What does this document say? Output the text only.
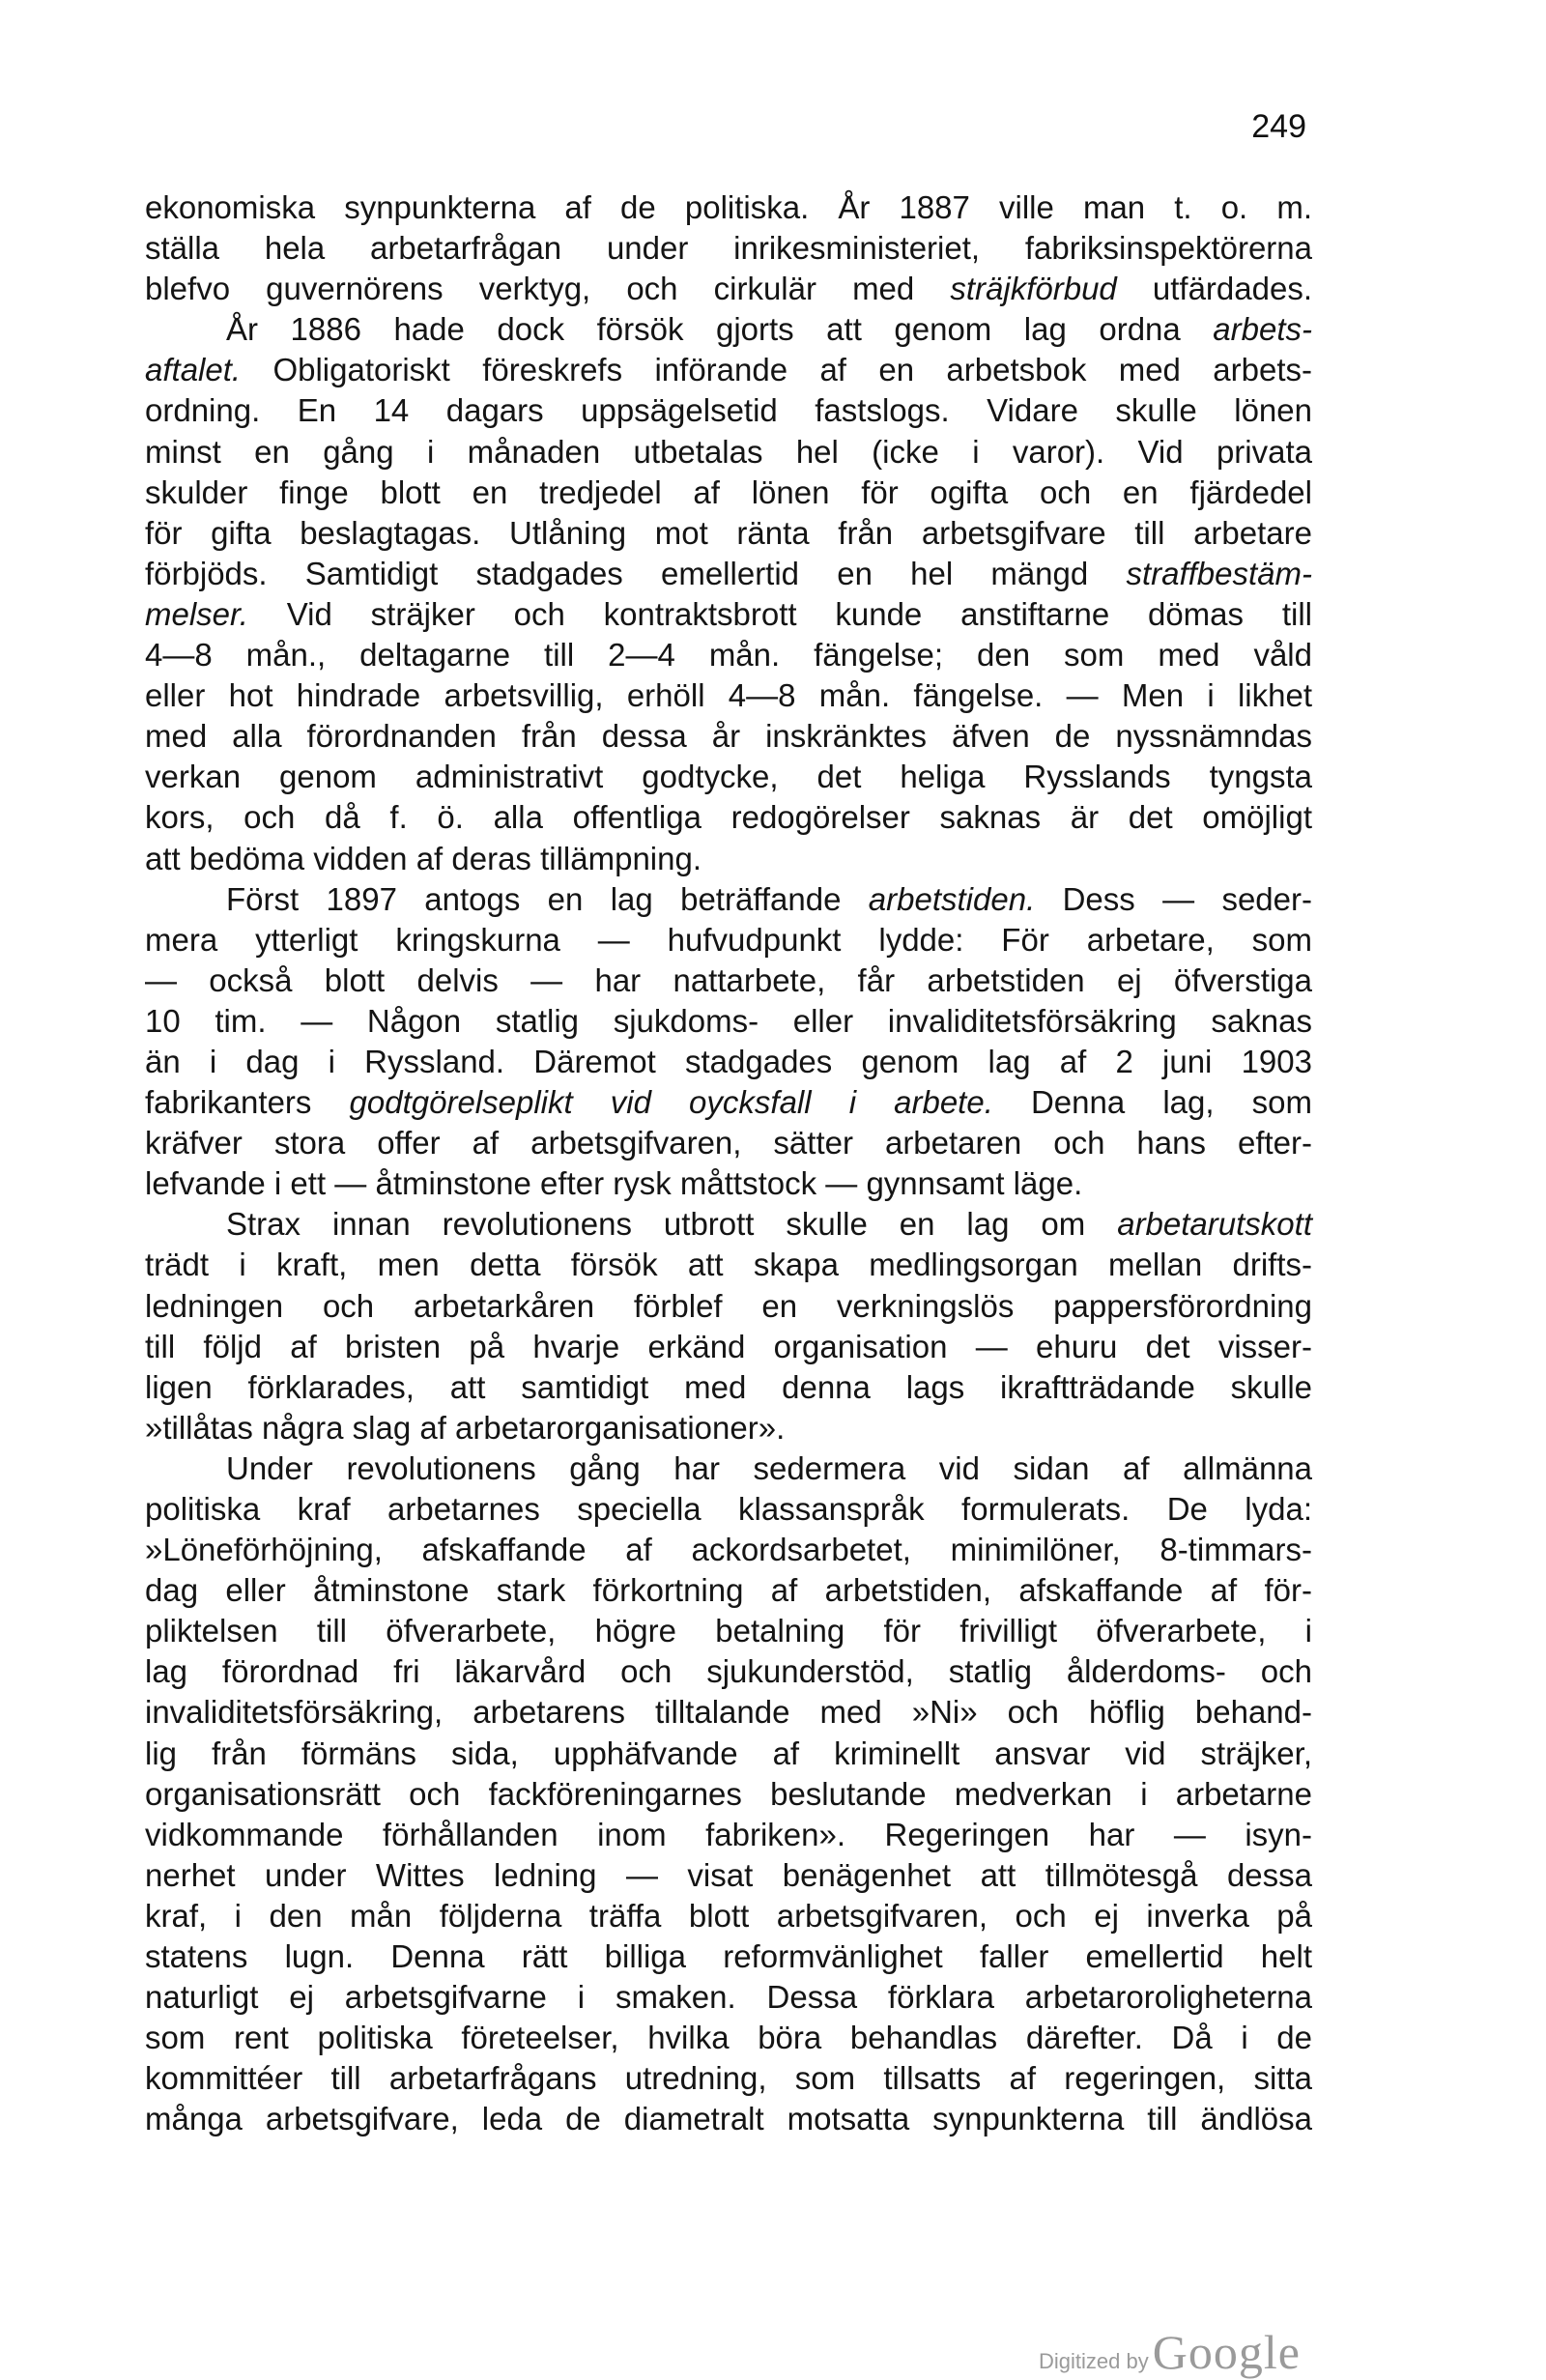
249
ekonomiska synpunkterna af de politiska. År 1887 ville man t. o. m.
ställa hela arbetarfrågan under inrikesministeriet, fabriksinspektörerna
blefvo guvernörens verktyg, och cirkulär med sträjkförbud utfärdades.
År 1886 hade dock försök gjorts att genom lag ordna arbets-
aftalet. Obligatoriskt föreskrefs införande af en arbetsbok med arbets-
ordning. En 14 dagars uppsägelsetid fastslogs. Vidare skulle lönen
minst en gång i månaden utbetalas hel (icke i varor). Vid privata
skulder finge blott en tredjedel af lönen för ogifta och en fjärdedel
för gifta beslagtagas. Utlåning mot ränta från arbetsgifvare till arbetare
förbjöds. Samtidigt stadgades emellertid en hel mängd straffbestäm-
melser. Vid sträjker och kontraktsbrott kunde anstiftarne dömas till
4—8 mån., deltagarne till 2—4 mån. fängelse; den som med våld
eller hot hindrade arbetsvillig, erhöll 4—8 mån. fängelse. — Men i likhet
med alla förordnanden från dessa år inskränktes äfven de nyssnämndas
verkan genom administrativt godtycke, det heliga Rysslands tyngsta
kors, och då f. ö. alla offentliga redogörelser saknas är det omöjligt
att bedöma vidden af deras tillämpning.
Först 1897 antogs en lag beträffande arbetstiden. Dess — seder-
mera ytterligt kringskurna — hufvudpunkt lydde: För arbetare, som
— också blott delvis — har nattarbete, får arbetstiden ej öfverstiga
10 tim. — Någon statlig sjukdoms- eller invaliditetsförsäkring saknas
än i dag i Ryssland. Däremot stadgades genom lag af 2 juni 1903
fabrikanters godtgörelseplikt vid oycksfall i arbete. Denna lag, som
kräfver stora offer af arbetsgifvaren, sätter arbetaren och hans efter-
lefvande i ett — åtminstone efter rysk måttstock — gynnsamt läge.
Strax innan revolutionens utbrott skulle en lag om arbetarutskott
trädt i kraft, men detta försök att skapa medlingsorgan mellan drifts-
ledningen och arbetarkåren förblef en verkningslös pappersförordning
till följd af bristen på hvarje erkänd organisation — ehuru det visser-
ligen förklarades, att samtidigt med denna lags ikraftträdande skulle
»tillåtas några slag af arbetarorganisationer».
Under revolutionens gång har sedermera vid sidan af allmänna
politiska kraf arbetarnes speciella klassanspråk formulerats. De lyda:
»Löneförhöjning, afskaffande af ackordsarbetet, minimilöner, 8-timmars-
dag eller åtminstone stark förkortning af arbetstiden, afskaffande af för-
pliktelsen till öfverarbete, högre betalning för frivilligt öfverarbete, i
lag förordnad fri läkarvård och sjukunderstöd, statlig ålderdoms- och
invaliditetsförsäkring, arbetarens tilltalande med »Ni» och höflig behand-
lig från förmäns sida, upphäfvande af kriminellt ansvar vid sträjker,
organisationsrätt och fackföreningarnes beslutande medverkan i arbetarne
vidkommande förhållanden inom fabriken». Regeringen har — isyn-
nerhet under Wittes ledning — visat benägenhet att tillmötesgå dessa
kraf, i den mån följderna träffa blott arbetsgifvaren, och ej inverka på
statens lugn. Denna rätt billiga reformvänlighet faller emellertid helt
naturligt ej arbetsgifvarne i smaken. Dessa förklara arbetaroroligheterna
som rent politiska företeelser, hvilka böra behandlas därefter. Då i de
kommittéer till arbetarfrågans utredning, som tillsatts af regeringen, sitta
många arbetsgifvare, leda de diametralt motsatta synpunkterna till ändlösa
Digitized by Google
